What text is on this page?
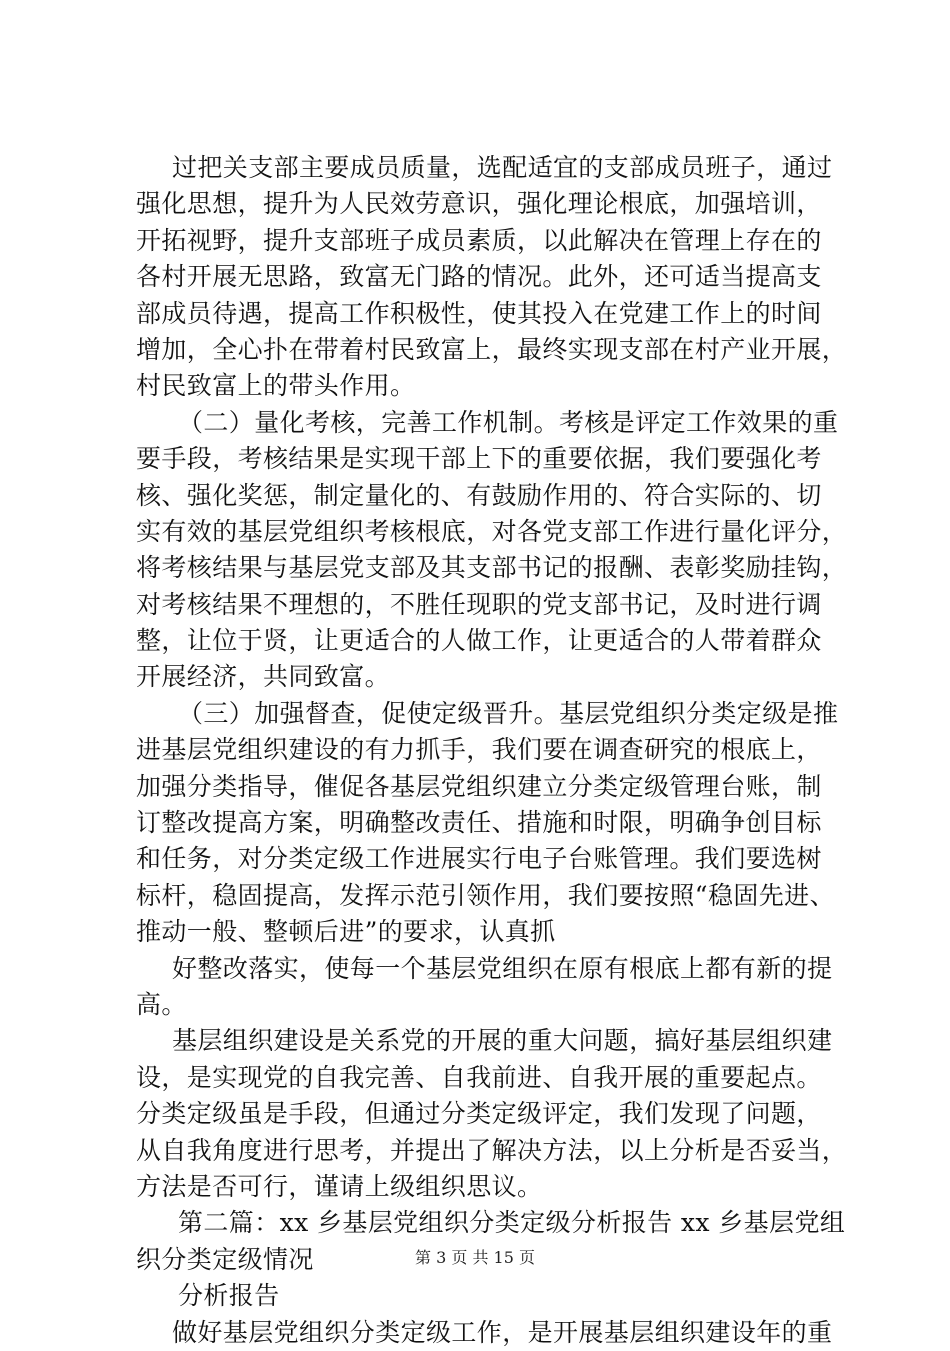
过把关支部主要成员质量，选配适宜的支部成员班子，通过
强化思想，提升为人民效劳意识，强化理论根底，加强培训，
开拓视野，提升支部班子成员素质，以此解决在管理上存在的
各村开展无思路，致富无门路的情况。此外，还可适当提高支
部成员待遇，提高工作积极性，使其投入在党建工作上的时间
增加，全心扑在带着村民致富上，最终实现支部在村产业开展，
村民致富上的带头作用。
（二）量化考核，完善工作机制。考核是评定工作效果的重
要手段，考核结果是实现干部上下的重要依据，我们要强化考
核、强化奖惩，制定量化的、有鼓励作用的、符合实际的、切
实有效的基层党组织考核根底，对各党支部工作进行量化评分，
将考核结果与基层党支部及其支部书记的报酬、表彰奖励挂钩，
对考核结果不理想的，不胜任现职的党支部书记，及时进行调
整，让位于贤，让更适合的人做工作，让更适合的人带着群众
开展经济，共同致富。
（三）加强督查，促使定级晋升。基层党组织分类定级是推
进基层党组织建设的有力抓手，我们要在调查研究的根底上，
加强分类指导，催促各基层党组织建立分类定级管理台账，制
订整改提高方案，明确整改责任、措施和时限，明确争创目标
和任务，对分类定级工作进展实行电子台账管理。我们要选树
标杆，稳固提高，发挥示范引领作用，我们要按照“稳固先进、
推动一般、整顿后进”的要求，认真抓
好整改落实，使每一个基层党组织在原有根底上都有新的提
高。
基层组织建设是关系党的开展的重大问题，搞好基层组织建
设，是实现党的自我完善、自我前进、自我开展的重要起点。
分类定级虽是手段，但通过分类定级评定，我们发现了问题，
从自我角度进行思考，并提出了解决方法，以上分析是否妥当，
方法是否可行，谨请上级组织思议。
第二篇：xx 乡基层党组织分类定级分析报告 xx 乡基层党组
织分类定级情况
分析报告
做好基层党组织分类定级工作，是开展基层组织建设年的重
第 3 页 共 15 页
